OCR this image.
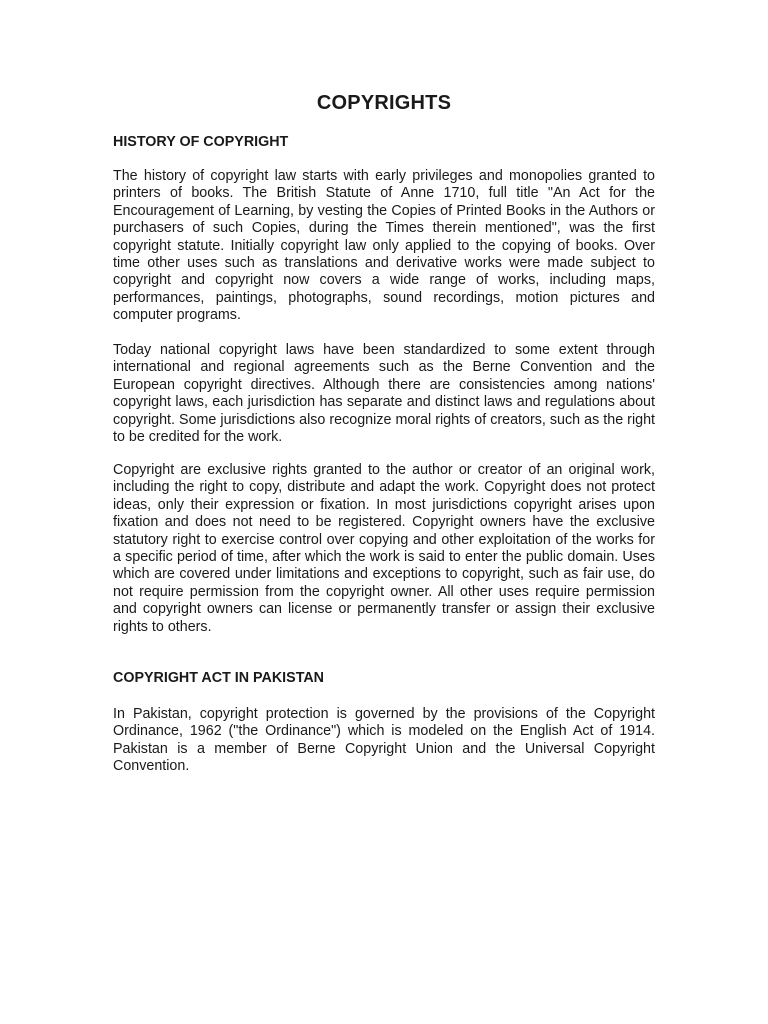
COPYRIGHTS
HISTORY OF COPYRIGHT

The history of copyright law starts with early privileges and monopolies granted to printers of books. The British Statute of Anne 1710, full title "An Act for the Encouragement of Learning, by vesting the Copies of Printed Books in the Authors or purchasers of such Copies, during the Times therein mentioned", was the first copyright statute. Initially copyright law only applied to the copying of books. Over time other uses such as translations and derivative works were made subject to copyright and copyright now covers a wide range of works, including maps, performances, paintings, photographs, sound recordings, motion pictures and computer programs.

Today national copyright laws have been standardized to some extent through international and regional agreements such as the Berne Convention and the European copyright directives. Although there are consistencies among nations' copyright laws, each jurisdiction has separate and distinct laws and regulations about copyright. Some jurisdictions also recognize moral rights of creators, such as the right to be credited for the work.

Copyright are exclusive rights granted to the author or creator of an original work, including the right to copy, distribute and adapt the work. Copyright does not protect ideas, only their expression or fixation. In most jurisdictions copyright arises upon fixation and does not need to be registered. Copyright owners have the exclusive statutory right to exercise control over copying and other exploitation of the works for a specific period of time, after which the work is said to enter the public domain. Uses which are covered under limitations and exceptions to copyright, such as fair use, do not require permission from the copyright owner. All other uses require permission and copyright owners can license or permanently transfer or assign their exclusive rights to others.

COPYRIGHT ACT IN PAKISTAN

In Pakistan, copyright protection is governed by the provisions of the Copyright Ordinance, 1962 ("the Ordinance") which is modeled on the English Act of 1914. Pakistan is a member of Berne Copyright Union and the Universal Copyright Convention.
